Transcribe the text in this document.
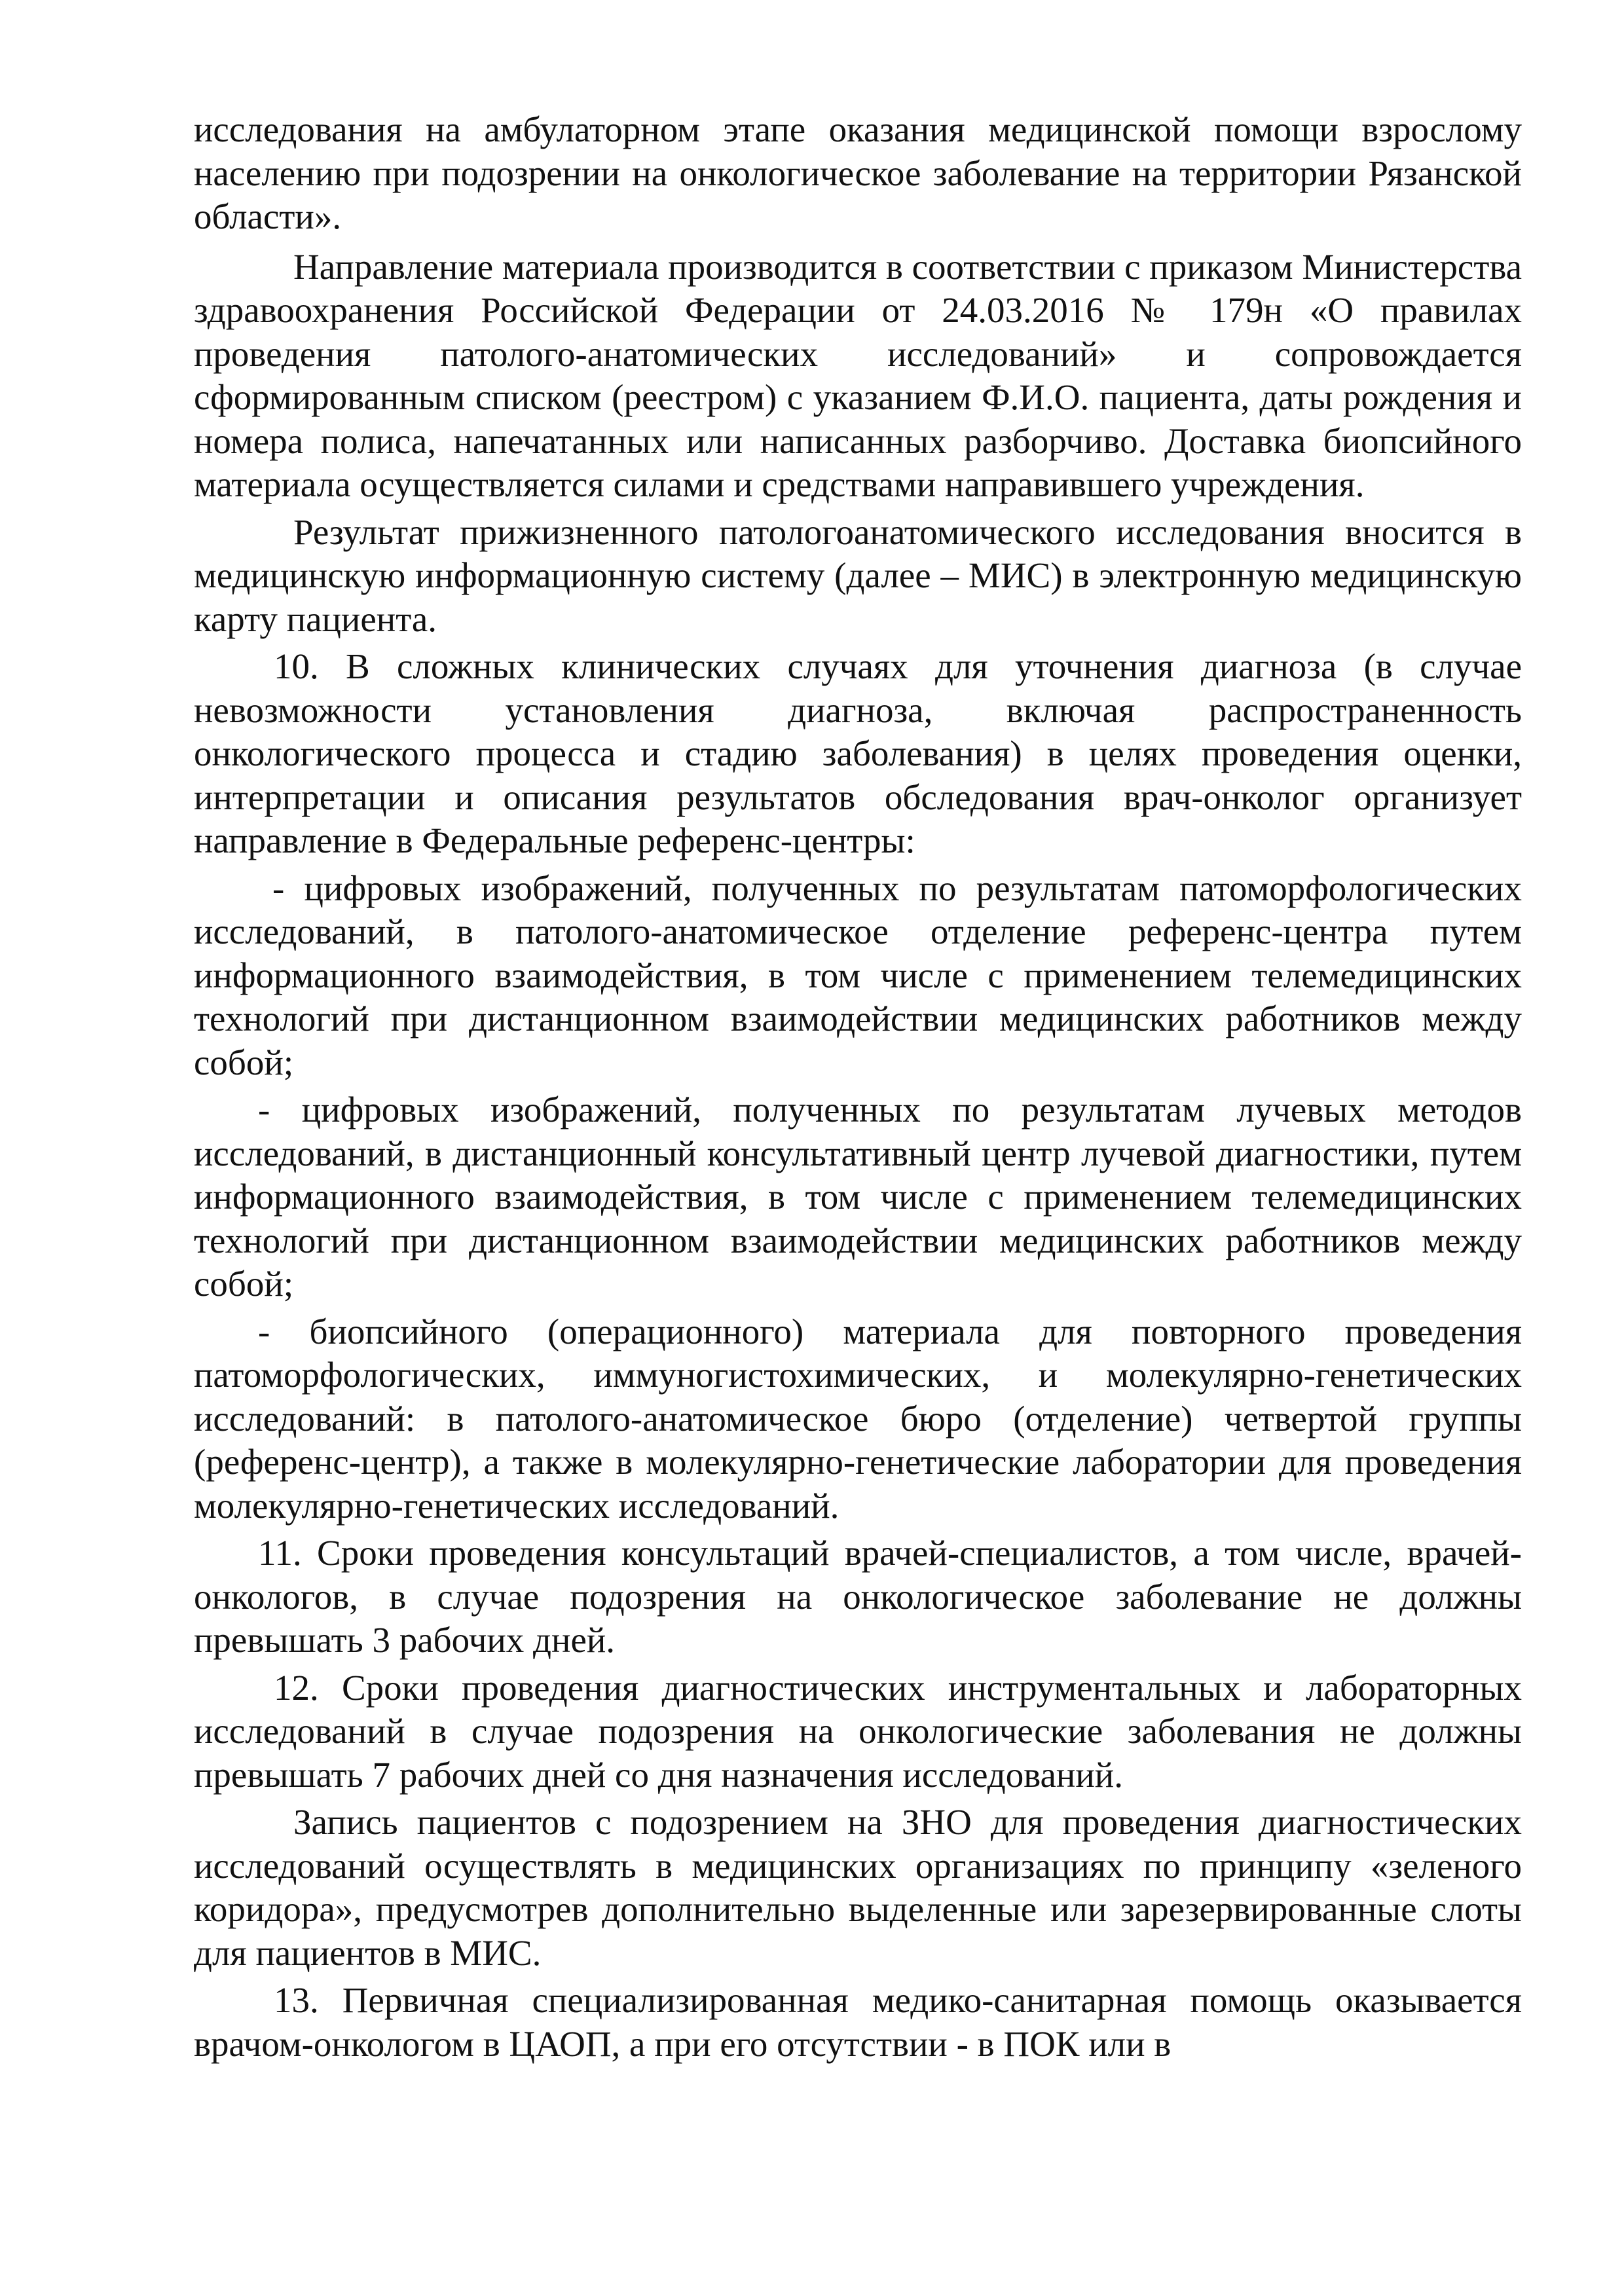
исследования на амбулаторном этапе оказания медицинской помощи взрослому населению при подозрении на онкологическое заболевание на территории Рязанской области».

Направление материала производится в соответствии с приказом Министерства здравоохранения Российской Федерации от 24.03.2016 № 179н «О правилах проведения патолого-анатомических исследований» и сопровождается сформированным списком (реестром) с указанием Ф.И.О. пациента, даты рождения и номера полиса, напечатанных или написанных разборчиво. Доставка биопсийного материала осуществляется силами и средствами направившего учреждения.

Результат прижизненного патологоанатомического исследования вносится в медицинскую информационную систему (далее – МИС) в электронную медицинскую карту пациента.

10. В сложных клинических случаях для уточнения диагноза (в случае невозможности установления диагноза, включая распространенность онкологического процесса и стадию заболевания) в целях проведения оценки, интерпретации и описания результатов обследования врач-онколог организует направление в Федеральные референс-центры:

- цифровых изображений, полученных по результатам патоморфологических исследований, в патолого-анатомическое отделение референс-центра путем информационного взаимодействия, в том числе с применением телемедицинских технологий при дистанционном взаимодействии медицинских работников между собой;

- цифровых изображений, полученных по результатам лучевых методов исследований, в дистанционный консультативный центр лучевой диагностики, путем информационного взаимодействия, в том числе с применением телемедицинских технологий при дистанционном взаимодействии медицинских работников между собой;

- биопсийного (операционного) материала для повторного проведения патоморфологических, иммуногистохимических, и молекулярно-генетических исследований: в патолого-анатомическое бюро (отделение) четвертой группы (референс-центр), а также в молекулярно-генетические лаборатории для проведения молекулярно-генетических исследований.

11. Сроки проведения консультаций врачей-специалистов, а том числе, врачей-онкологов, в случае подозрения на онкологическое заболевание не должны превышать 3 рабочих дней.

12. Сроки проведения диагностических инструментальных и лабораторных исследований в случае подозрения на онкологические заболевания не должны превышать 7 рабочих дней со дня назначения исследований.

Запись пациентов с подозрением на ЗНО для проведения диагностических исследований осуществлять в медицинских организациях по принципу «зеленого коридора», предусмотрев дополнительно выделенные или зарезервированные слоты для пациентов в МИС.

13. Первичная специализированная медико-санитарная помощь оказывается врачом-онкологом в ЦАОП, а при его отсутствии - в ПОК или в
